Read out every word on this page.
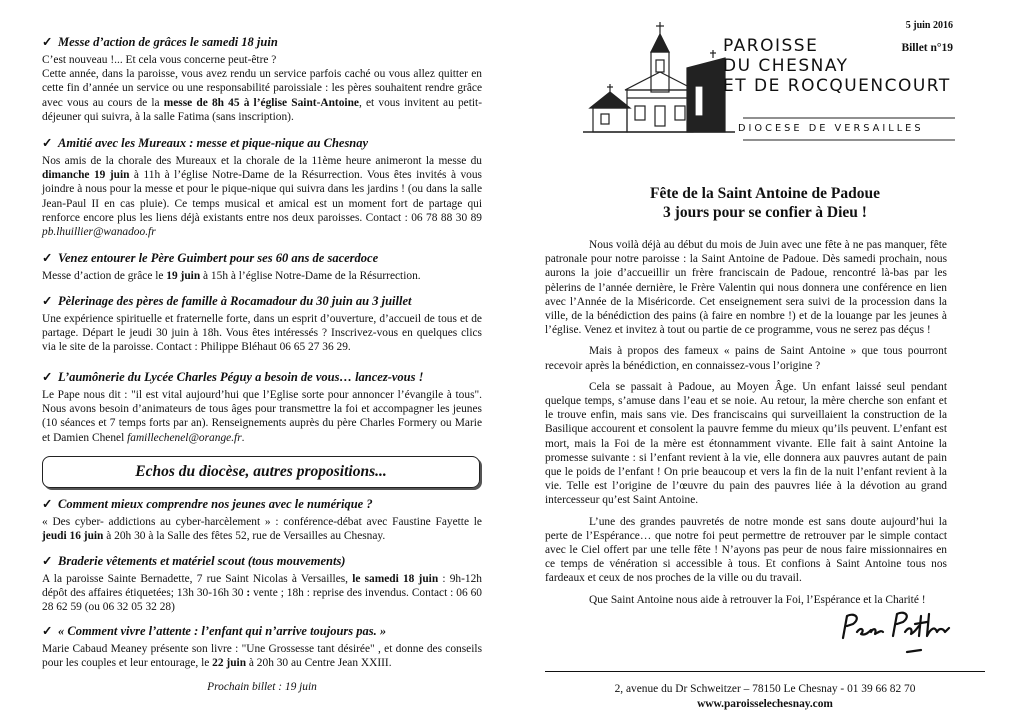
✓ Messe d’action de grâces le samedi 18 juin
C’est nouveau !... Et cela vous concerne peut-être ?
Cette année, dans la paroisse, vous avez rendu un service parfois caché ou vous allez quitter en cette fin d’année un service ou une responsabilité paroissiale : les pères souhaitent rendre grâce avec vous au cours de la messe de 8h 45 à l’église Saint-Antoine, et vous invitent au petit-déjeuner qui suivra, à la salle Fatima (sans inscription).
✓ Amitié avec les Mureaux : messe et pique-nique au Chesnay
Nos amis de la chorale des Mureaux et la chorale de la 11ème heure animeront la messe du dimanche 19 juin à 11h à l’église Notre-Dame de la Résurrection. Vous êtes invités à vous joindre à nous pour la messe et pour le pique-nique qui suivra dans les jardins ! (ou dans la salle Jean-Paul II en cas pluie). Ce temps musical et amical est un moment fort de partage qui renforce encore plus les liens déjà existants entre nos deux paroisses. Contact : 06 78 88 30 89 pb.lhuillier@wanadoo.fr
✓ Venez entourer le Père Guimbert pour ses 60 ans de sacerdoce
Messe d’action de grâce le 19 juin à 15h à l’église Notre-Dame de la Résurrection.
✓ Pèlerinage des pères de famille à Rocamadour du 30 juin au 3 juillet
Une expérience spirituelle et fraternelle forte, dans un esprit d’ouverture, d’accueil de tous et de partage. Départ le jeudi 30 juin à 18h. Vous êtes intéressés ? Inscrivez-vous en quelques clics via le site de la paroisse. Contact : Philippe Bléhaut 06 65 27 36 29.
✓ L’aumônerie du Lycée Charles Péguy a besoin de vous… lancez-vous !
Le Pape nous dit : "il est vital aujourd’hui que l’Eglise sorte pour annoncer l’évangile à tous". Nous avons besoin d’animateurs de tous âges pour transmettre la foi et accompagner les jeunes (10 séances et 7 temps forts par an). Renseignements auprès du père Charles Formery ou Marie et Damien Chenel famillechenel@orange.fr.
Echos du diocèse, autres propositions...
✓ Comment mieux comprendre nos jeunes avec le numérique ?
« Des cyber- addictions au cyber-harcèlement » : conférence-débat avec Faustine Fayette le jeudi 16 juin à 20h 30 à la Salle des fêtes 52, rue de Versailles au Chesnay.
✓ Braderie vêtements et matériel scout (tous mouvements)
A la paroisse Sainte Bernadette, 7 rue Saint Nicolas à Versailles, le samedi 18 juin : 9h-12h dépôt des affaires étiquetées; 13h 30-16h 30 : vente ; 18h : reprise des invendus. Contact : 06 60 28 62 59 (ou 06 32 05 32 28)
✓ « Comment vivre l’attente : l’enfant qui n’arrive toujours pas. »
Marie Cabaud Meaney présente son livre : "Une Grossesse tant désirée" , et donne des conseils pour les couples et leur entourage, le 22 juin à 20h 30 au Centre Jean XXIII.
Prochain billet : 19 juin
5 juin 2016
Billet n°19
PAROISSE
DU CHESNAY
ET DE ROCQUENCOURT
DIOCESE DE VERSAILLES
Fête de la Saint Antoine de Padoue
3 jours pour se confier à Dieu !

Nous voilà déjà au début du mois de Juin avec une fête à ne pas manquer, fête patronale pour notre paroisse : la Saint Antoine de Padoue. Dès samedi prochain, nous aurons la joie d’accueillir un frère franciscain de Padoue, rencontré là-bas par les pèlerins de l’année dernière, le Frère Valentin qui nous donnera une conférence en lien avec l’Année de la Miséricorde. Cet enseignement sera suivi de la procession dans la ville, de la bénédiction des pains (à faire en nombre !) et de la louange par les jeunes à l’église. Venez et invitez à tout ou partie de ce programme, vous ne serez pas déçus !

Mais à propos des fameux « pains de Saint Antoine » que tous pourront recevoir après la bénédiction, en connaissez-vous l’origine ?

Cela se passait à Padoue, au Moyen Âge. Un enfant laissé seul pendant quelque temps, s’amuse dans l’eau et se noie. Au retour, la mère cherche son enfant et le trouve enfin, mais sans vie. Des franciscains qui surveillaient la construction de la Basilique accourent et consolent la pauvre femme du mieux qu’ils peuvent. L’enfant est mort, mais la Foi de la mère est étonnamment vivante. Elle fait à saint Antoine la promesse suivante : si l’enfant revient à la vie, elle donnera aux pauvres autant de pain que le poids de l’enfant ! On prie beaucoup et vers la fin de la nuit l’enfant revient à la vie. Telle est l’origine de l’œuvre du pain des pauvres liée à la dévotion au grand intercesseur qu’est Saint Antoine.

L’une des grandes pauvretés de notre monde est sans doute aujourd’hui la perte de l’Espérance… que notre foi peut permettre de retrouver par le simple contact avec le Ciel offert par une telle fête ! N’ayons pas peur de nous faire missionnaires en ce temps de vénération si accessible à tous. Et confions à Saint Antoine tous nos fardeaux et ceux de nos proches de la ville ou du travail.

Que Saint Antoine nous aide à retrouver la Foi, l’Espérance et la Charité !

2, avenue du Dr Schweitzer – 78150 Le Chesnay - 01 39 66 82 70
www.paroisselechesnay.com
